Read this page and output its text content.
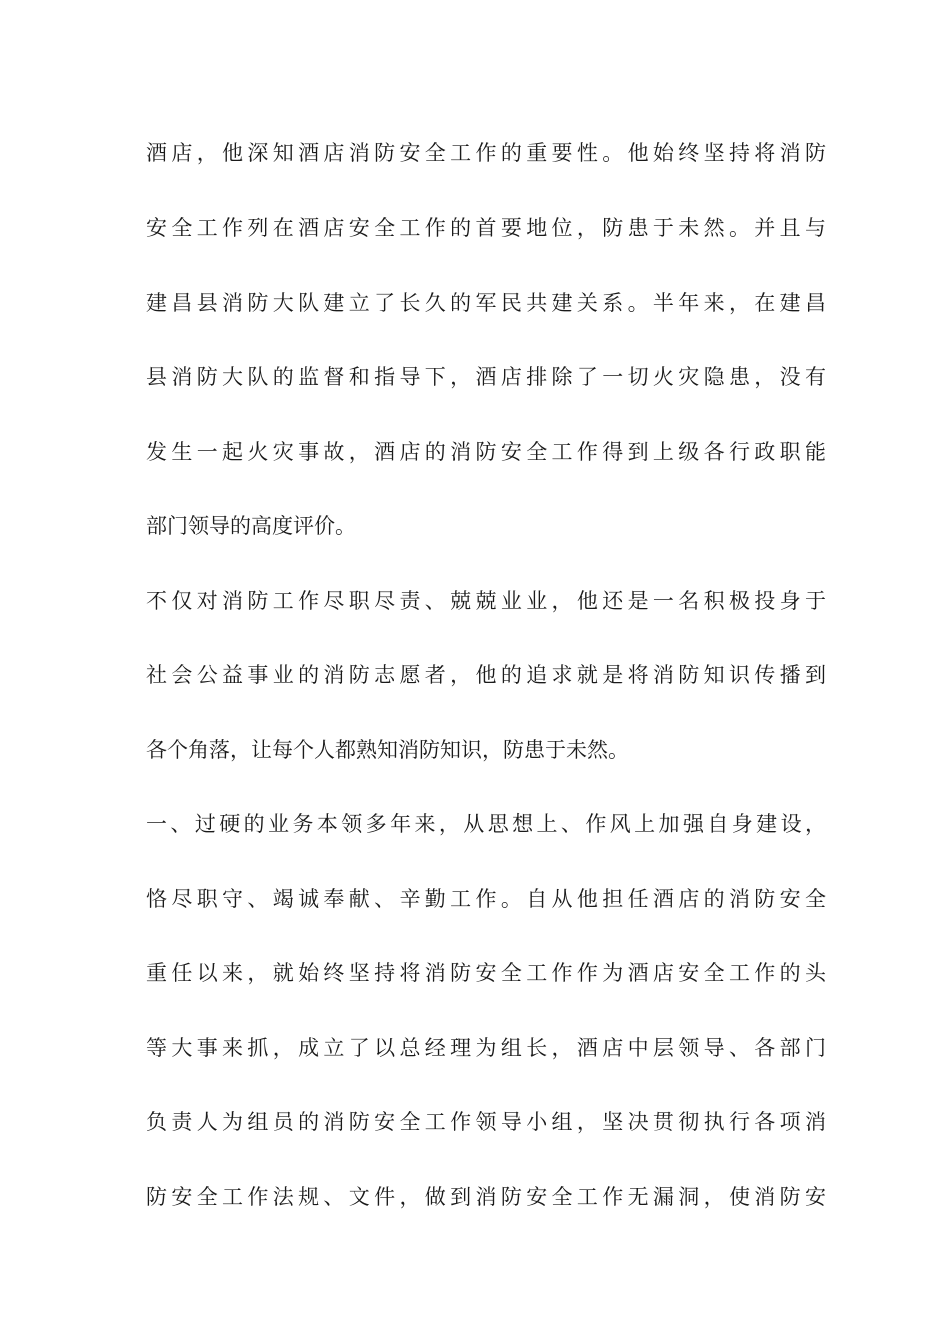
酒店，他深知酒店消防安全工作的重要性。他始终坚持将消防
安全工作列在酒店安全工作的首要地位，防患于未然。并且与
建昌县消防大队建立了长久的军民共建关系。半年来，在建昌
县消防大队的监督和指导下，酒店排除了一切火灾隐患，没有
发生一起火灾事故，酒店的消防安全工作得到上级各行政职能
部门领导的高度评价。
不仅对消防工作尽职尽责、兢兢业业，他还是一名积极投身于
社会公益事业的消防志愿者，他的追求就是将消防知识传播到
各个角落，让每个人都熟知消防知识，防患于未然。
一、过硬的业务本领多年来，从思想上、作风上加强自身建设，
恪尽职守、竭诚奉献、辛勤工作。自从他担任酒店的消防安全
重任以来，就始终坚持将消防安全工作作为酒店安全工作的头
等大事来抓，成立了以总经理为组长，酒店中层领导、各部门
负责人为组员的消防安全工作领导小组，坚决贯彻执行各项消
防安全工作法规、文件，做到消防安全工作无漏洞，使消防安
